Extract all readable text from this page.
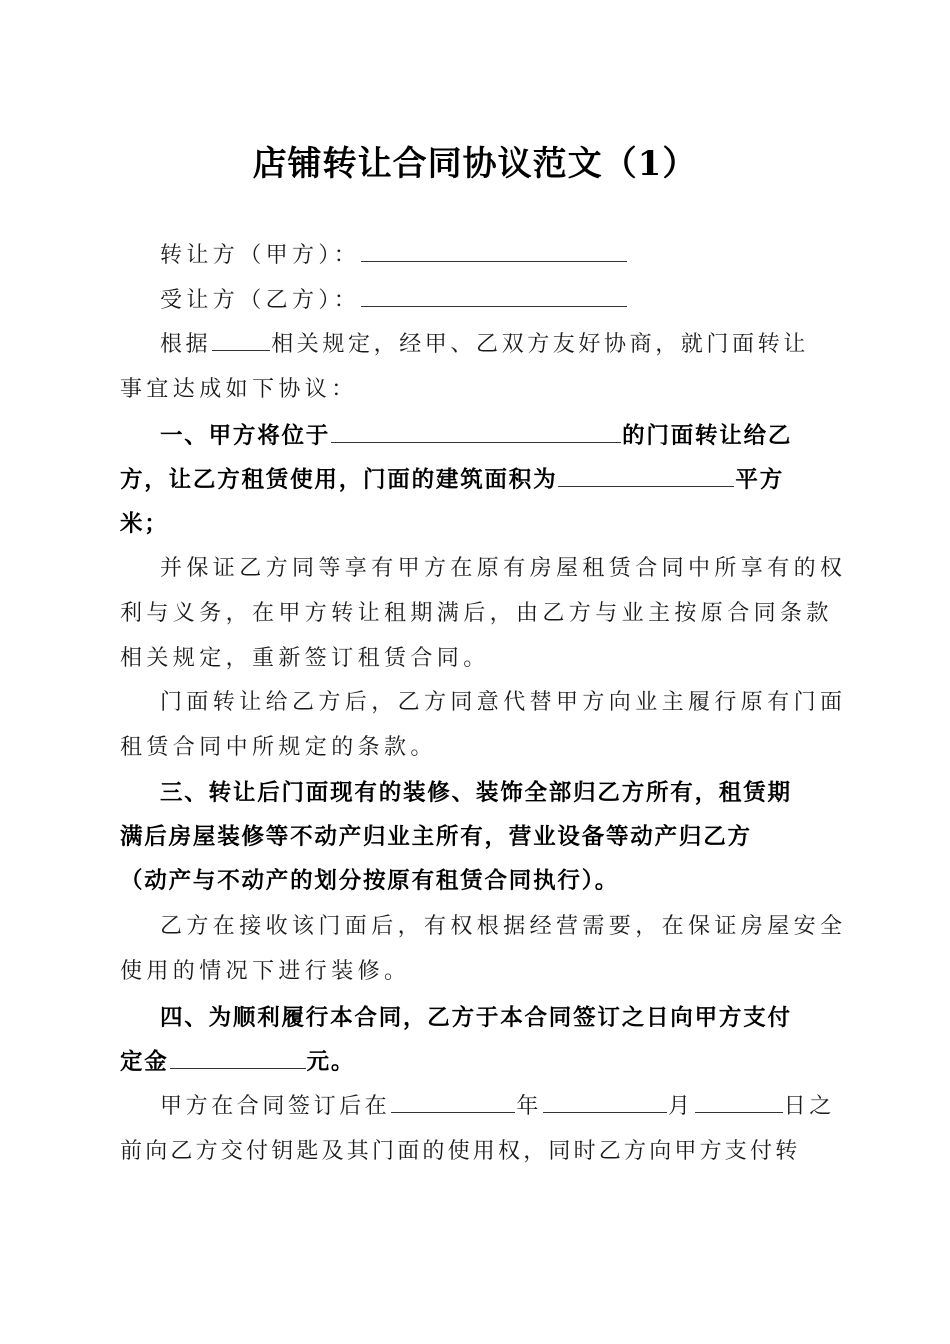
店铺转让合同协议范文（1）
转让方（甲方）：
受让方（乙方）：
根据	相关规定，经甲、乙双方友好协商，就门面转让
事宜达成如下协议：
一、甲方将位于	的门面转让给乙
方，让乙方租赁使用，门面的建筑面积为	平方
米；
并保证乙方同等享有甲方在原有房屋租赁合同中所享有的权
利与义务，在甲方转让租期满后，由乙方与业主按原合同条款
相关规定，重新签订租赁合同。
门面转让给乙方后，乙方同意代替甲方向业主履行原有门面
租赁合同中所规定的条款。
三、转让后门面现有的装修、装饰全部归乙方所有，租赁期
满后房屋装修等不动产归业主所有，营业设备等动产归乙方
（动产与不动产的划分按原有租赁合同执行）。
乙方在接收该门面后，有权根据经营需要，在保证房屋安全
使用的情况下进行装修。
四、为顺利履行本合同，乙方于本合同签订之日向甲方支付
定金	元。
甲方在合同签订后在	年	月	日之
前向乙方交付钥匙及其门面的使用权，同时乙方向甲方支付转
